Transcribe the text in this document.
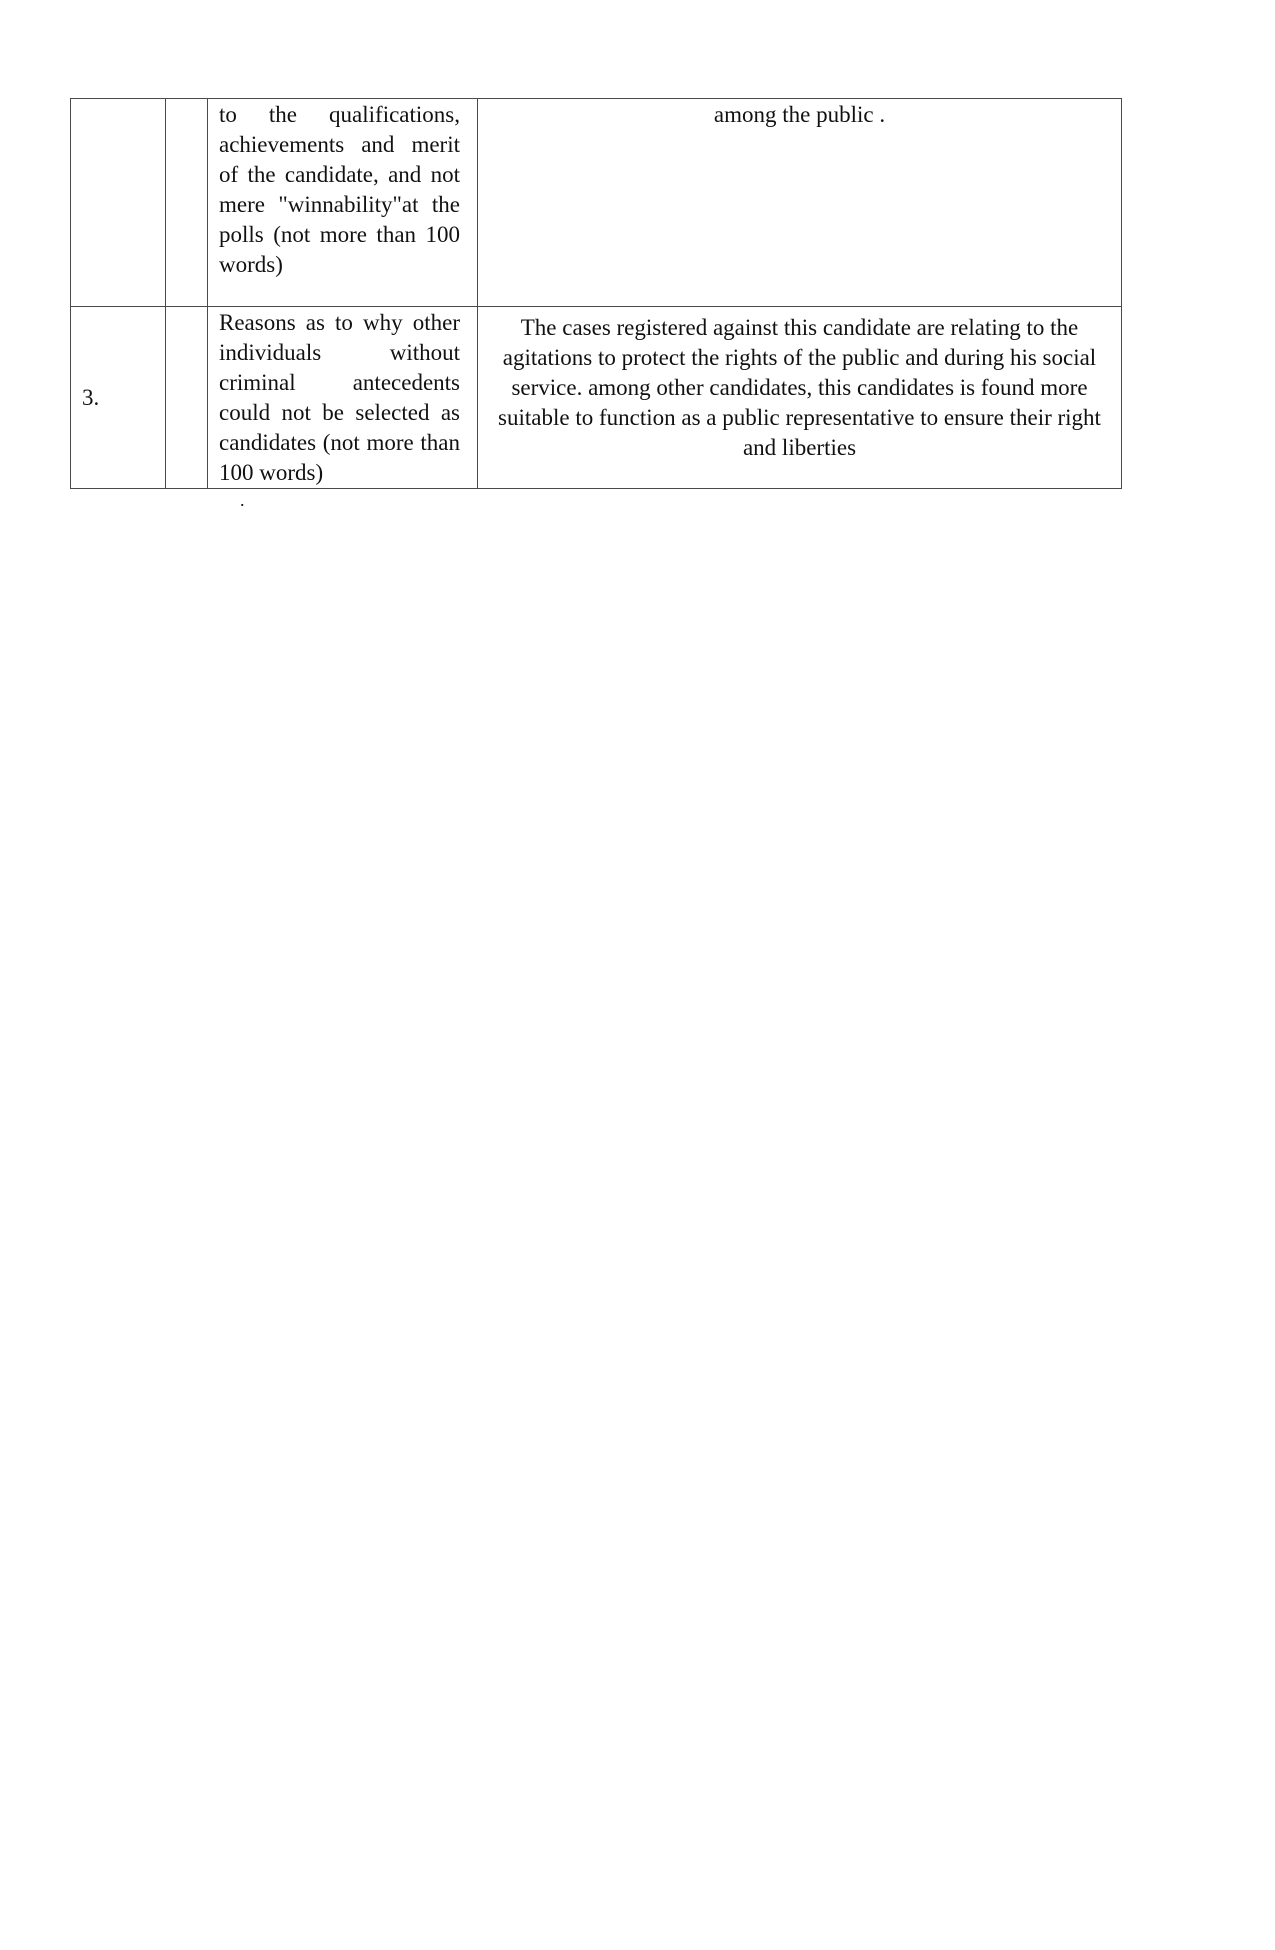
		to the qualifications, achievements and merit of the candidate, and not mere "winnability"at the polls (not more than 100 words)	among the public .
3.		Reasons as to why other individuals without criminal antecedents could not be selected as candidates (not more than 100 words)	The cases registered against this candidate are relating to the agitations to protect the rights of the public and during his social service. among other candidates, this candidates is found more suitable to function as a public representative to ensure their right and liberties
.
